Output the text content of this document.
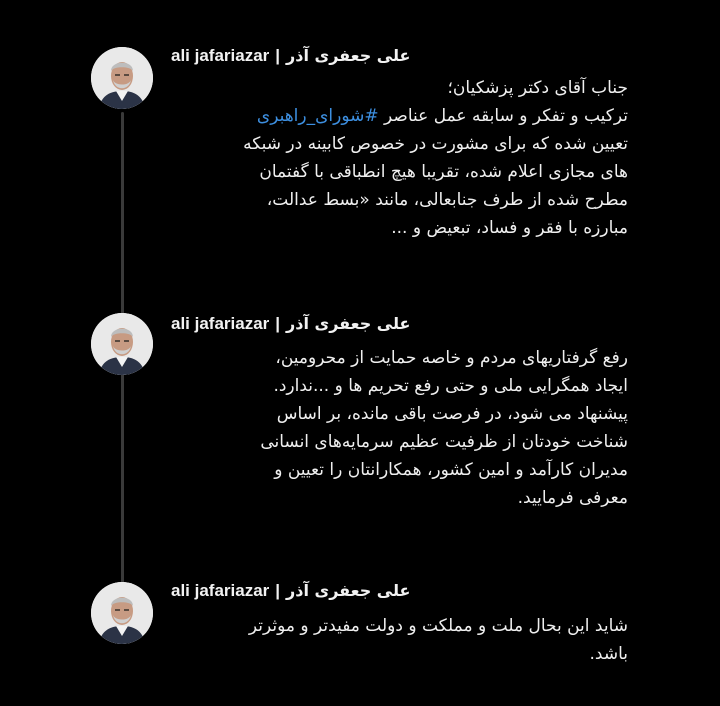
ali jafariazar | علی جعفری آذر
جناب آقای دکتر پزشکیان؛
ترکیب و تفکر و سابقه عمل عناصر #شورای_راهبری
تعیین شده که برای مشورت در خصوص کابینه در شبکه
های مجازی اعلام شده، تقریبا هیچ انطباقی با گفتمان
مطرح شده از طرف جنابعالی، مانند «بسط عدالت،
مبارزه با فقر و فساد، تبعیض و ...
ali jafariazar | علی جعفری آذر
رفع گرفتاریهای مردم و خاصه حمایت از محرومین،
ایجاد همگرایی ملی و حتی رفع تحریم ها و ...ندارد.
پیشنهاد می شود، در فرصت باقی مانده، بر اساس
شناخت خودتان از ظرفیت عظیم سرمایه‌های انسانی
مدیران کارآمد و امین کشور، همکارانتان را تعیین و
معرفی فرمایید.
ali jafariazar | علی جعفری آذر
شاید این بحال ملت و مملکت و دولت مفیدتر و موثرتر
باشد.
